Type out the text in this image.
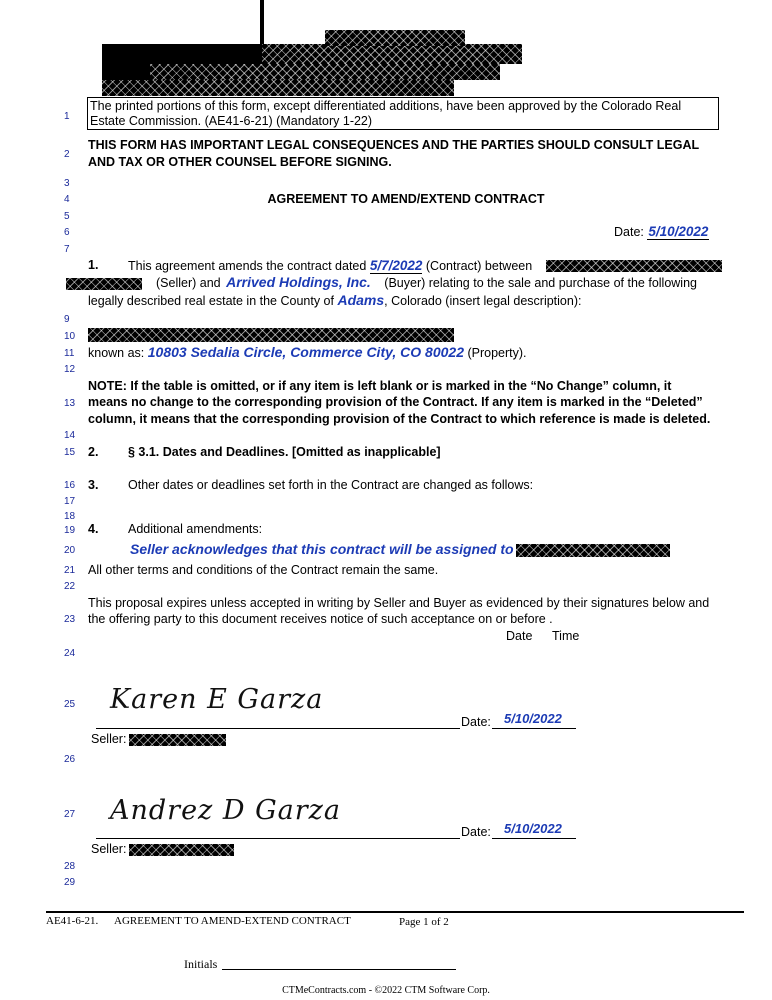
1
2
3
4
5
6
7
9
10
11
12
13
14
15
16
17
18
19
20
21
22
23
24
25
26
27
28
29
The printed portions of this form, except differentiated additions, have been approved by the Colorado Real
Estate Commission. (AE41-6-21) (Mandatory 1-22)
THIS FORM HAS IMPORTANT LEGAL CONSEQUENCES AND THE PARTIES SHOULD CONSULT LEGAL
AND TAX OR OTHER COUNSEL BEFORE SIGNING.
AGREEMENT TO AMEND/EXTEND CONTRACT
Date: 5/10/2022
1. This agreement amends the contract dated 5/7/2022 (Contract) between
(Seller) and Arrived Holdings, Inc. (Buyer) relating to the sale and purchase of the following
legally described real estate in the County of Adams, Colorado (insert legal description):
known as: 10803 Sedalia Circle, Commerce City, CO 80022 (Property).
NOTE: If the table is omitted, or if any item is left blank or is marked in the “No Change” column, it
means no change to the corresponding provision of the Contract. If any item is marked in the “Deleted”
column, it means that the corresponding provision of the Contract to which reference is made is deleted.
2. § 3.1. Dates and Deadlines. [Omitted as inapplicable]
3. Other dates or deadlines set forth in the Contract are changed as follows:
4. Additional amendments:
Seller acknowledges that this contract will be assigned to
All other terms and conditions of the Contract remain the same.
This proposal expires unless accepted in writing by Seller and Buyer as evidenced by their signatures below and
the offering party to this document receives notice of such acceptance on or before .
Date Time
Karen E Garza
Date: 5/10/2022
Seller:
Andrez D Garza
Date: 5/10/2022
Seller:
AE41-6-21. AGREEMENT TO AMEND-EXTEND CONTRACT	Page 1 of 2
Initials
CTMeContracts.com - ©2022 CTM Software Corp.
